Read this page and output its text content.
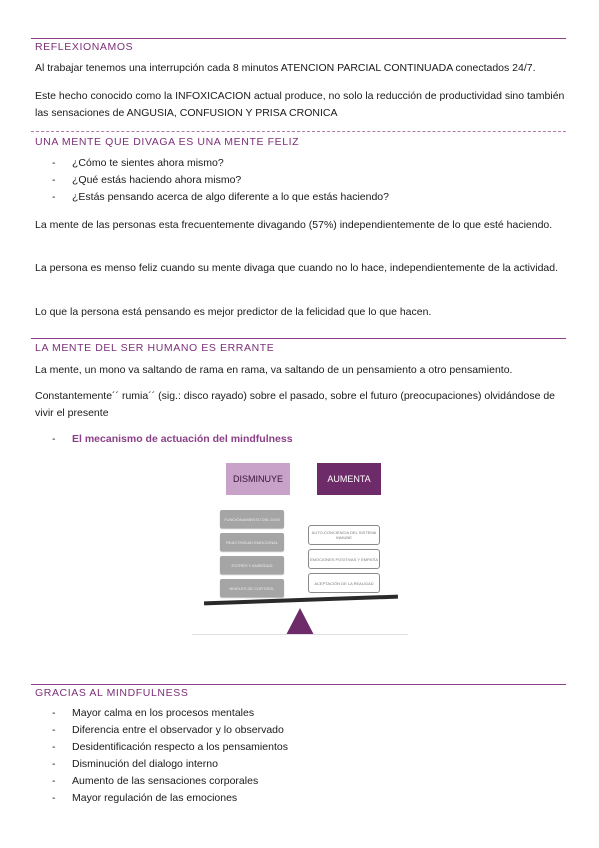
REFLEXIONAMOS
Al trabajar tenemos una interrupción cada 8 minutos ATENCION PARCIAL CONTINUADA conectados 24/7.
Este hecho conocido como la INFOXICACION actual produce, no solo la reducción de productividad sino también las sensaciones de ANGUSIA, CONFUSION Y PRISA CRONICA
UNA MENTE QUE DIVAGA ES UNA MENTE FELIZ
- ¿Cómo te sientes ahora mismo?
- ¿Qué estás haciendo ahora mismo?
- ¿Estás pensando acerca de algo diferente a lo que estás haciendo?
La mente de las personas esta frecuentemente divagando (57%) independientemente de lo que esté haciendo.
La persona es menso feliz cuando su mente divaga que cuando no lo hace, independientemente de la actividad.
Lo que la persona está pensando es mejor predictor de la felicidad que lo que hacen.
LA MENTE DEL SER HUMANO ES ERRANTE
La mente, un mono va saltando de rama en rama, va saltando de un pensamiento a otro pensamiento.
Constantemente´´ rumia´´ (sig.: disco rayado) sobre el pasado, sobre el futuro (preocupaciones) olvidándose de vivir el presente
- El mecanismo de actuación del mindfulness
DISMINUYE	AUMENTA
FUNCIONAMIENTO DEL DCM
REACTIVIDAD EMOCIONAL
ESTRÉS Y ANSIEDAD
NIVELES DE CORTISOL
AUTO-CONCIENCIA DEL SISTEMA INMUNE
EMOCIONES POSITIVAS Y EMPATÍA
ACEPTACIÓN DE LA REALIDAD
GRACIAS AL MINDFULNESS
- Mayor calma en los procesos mentales
- Diferencia entre el observador y lo observado
- Desidentificación respecto a los pensamientos
- Disminución del dialogo interno
- Aumento de las sensaciones corporales
- Mayor regulación de las emociones
